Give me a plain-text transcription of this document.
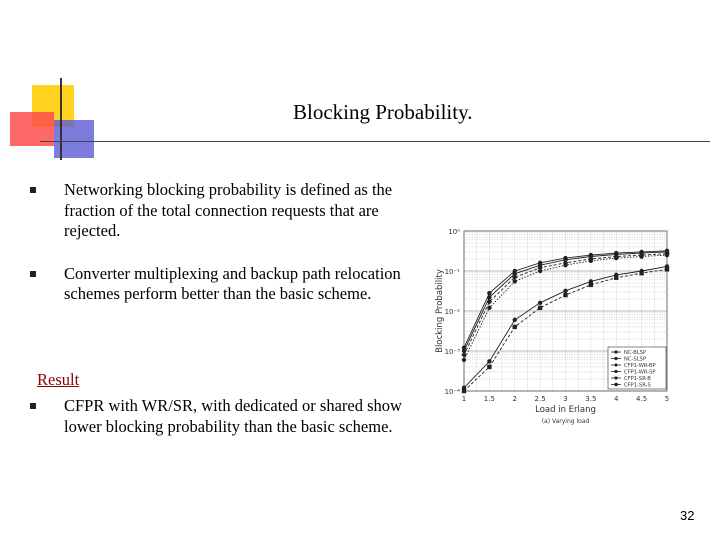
Blocking Probability.
Networking blocking probability is defined as the fraction of the total connection requests that are rejected.
Converter multiplexing and backup path relocation schemes perform better than the basic scheme.
Result
CFPR with WR/SR, with dedicated or shared show lower blocking probability than the basic scheme.
10⁰
10⁻¹
10⁻²
10⁻³
10⁻⁴
1	1.5	2	2.5	3	3.5	4	4.5	5
Load in Erlang
(a) Varying load
Blocking Probability
NC-BLSP
NC-SLSP
CFP1-WR-BP
CFP1-WR-SP
CFP1-SR-B
CFP1-SR-S
32
